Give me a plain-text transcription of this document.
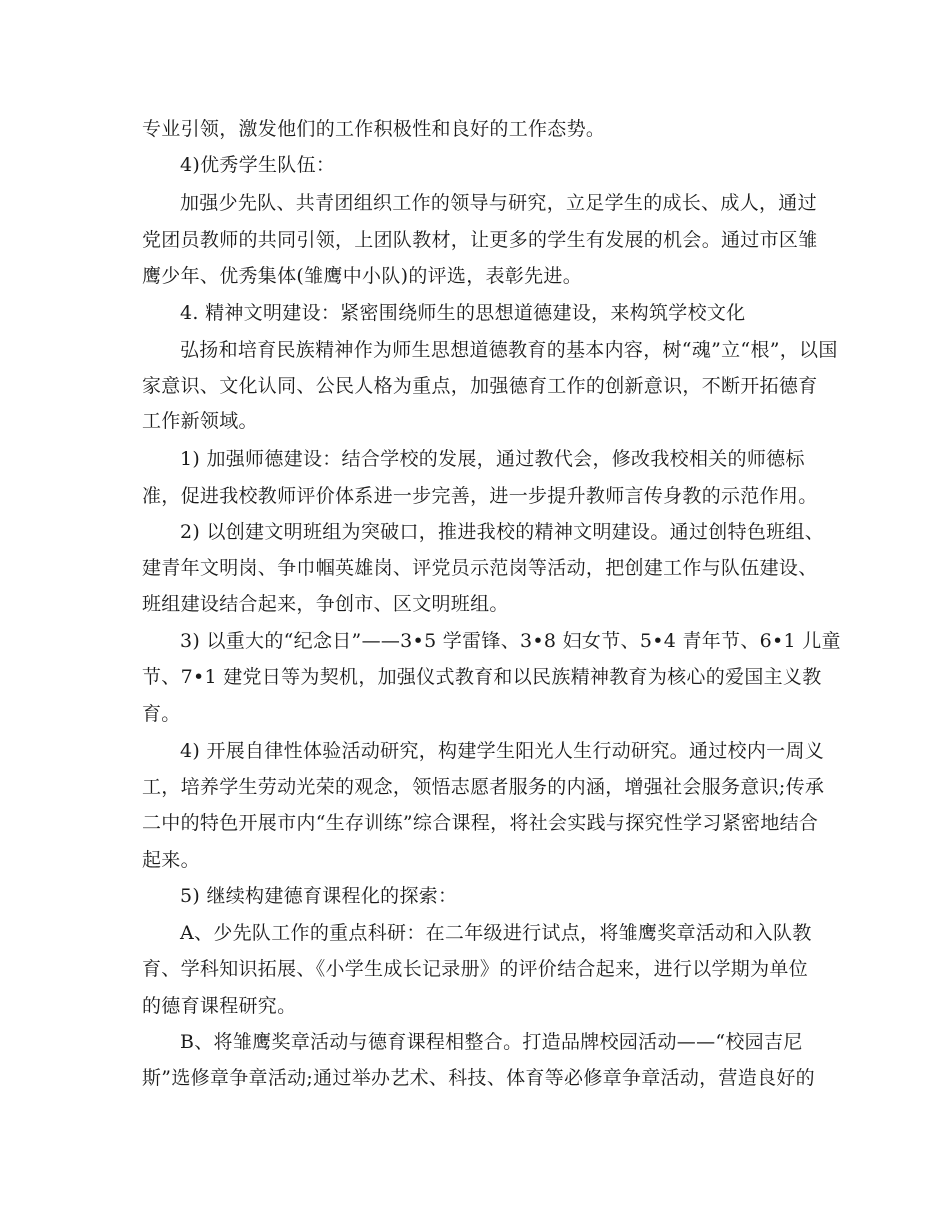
专业引领，激发他们的工作积极性和良好的工作态势。

4)优秀学生队伍：

加强少先队、共青团组织工作的领导与研究，立足学生的成长、成人，通过

党团员教师的共同引领，上团队教材，让更多的学生有发展的机会。通过市区雏

鹰少年、优秀集体(雏鹰中小队)的评选，表彰先进。

4. 精神文明建设：紧密围绕师生的思想道德建设，来构筑学校文化

弘扬和培育民族精神作为师生思想道德教育的基本内容，树“魂”立“根”，以国

家意识、文化认同、公民人格为重点，加强德育工作的创新意识，不断开拓德育

工作新领域。

1) 加强师德建设：结合学校的发展，通过教代会，修改我校相关的师德标

准，促进我校教师评价体系进一步完善，进一步提升教师言传身教的示范作用。

2) 以创建文明班组为突破口，推进我校的精神文明建设。通过创特色班组、

建青年文明岗、争巾帼英雄岗、评党员示范岗等活动，把创建工作与队伍建设、

班组建设结合起来，争创市、区文明班组。

3) 以重大的“纪念日”——3•5 学雷锋、3•8 妇女节、5•4 青年节、6•1 儿童

节、7•1 建党日等为契机，加强仪式教育和以民族精神教育为核心的爱国主义教

育。

4) 开展自律性体验活动研究，构建学生阳光人生行动研究。通过校内一周义

工，培养学生劳动光荣的观念，领悟志愿者服务的内涵，增强社会服务意识;传承

二中的特色开展市内“生存训练”综合课程，将社会实践与探究性学习紧密地结合

起来。

5) 继续构建德育课程化的探索：

A、少先队工作的重点科研：在二年级进行试点，将雏鹰奖章活动和入队教

育、学科知识拓展、《小学生成长记录册》的评价结合起来，进行以学期为单位

的德育课程研究。

B、将雏鹰奖章活动与德育课程相整合。打造品牌校园活动——“校园吉尼

斯”选修章争章活动;通过举办艺术、科技、体育等必修章争章活动，营造良好的
